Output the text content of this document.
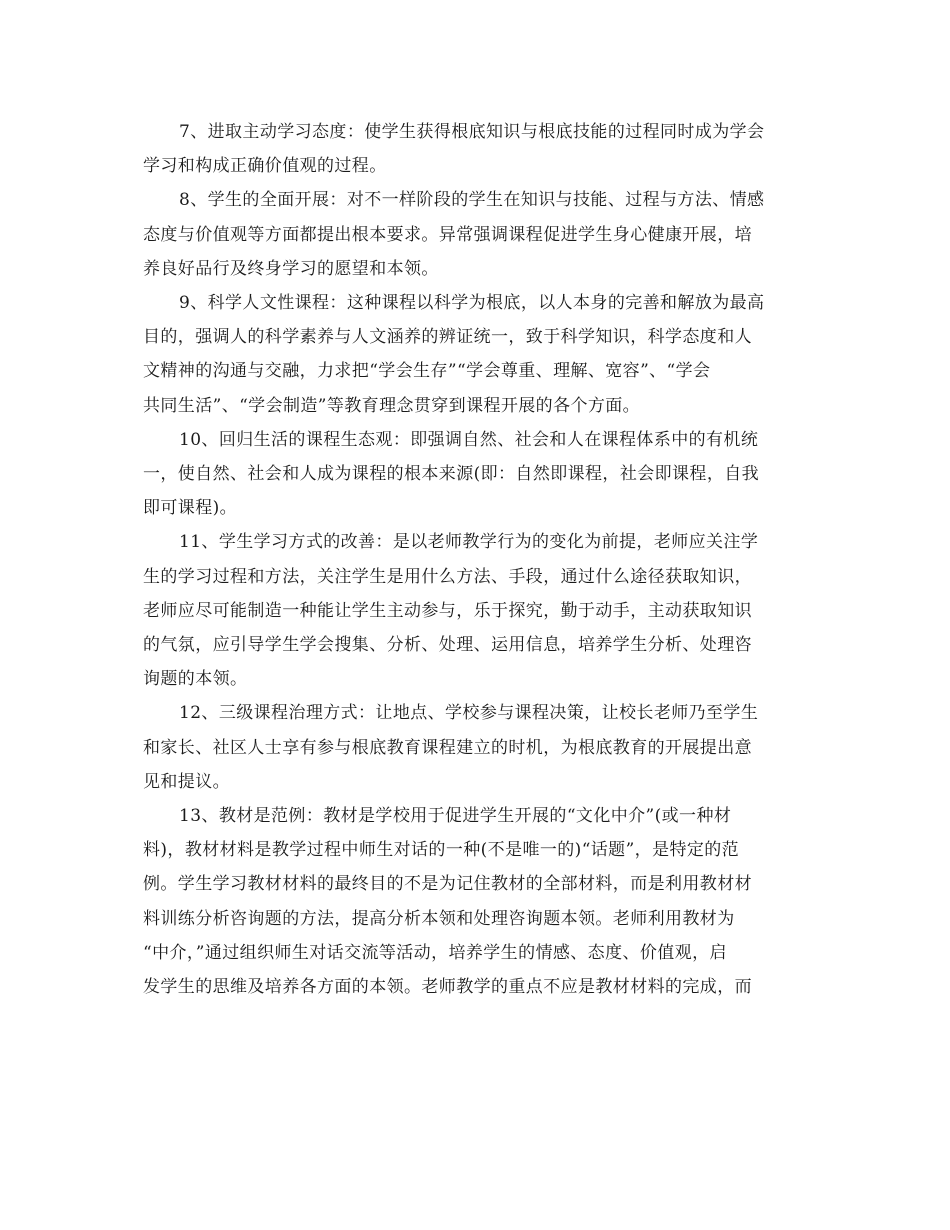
7、进取主动学习态度：使学生获得根底知识与根底技能的过程同时成为学会
学习和构成正确价值观的过程。

8、学生的全面开展：对不一样阶段的学生在知识与技能、过程与方法、情感
态度与价值观等方面都提出根本要求。异常强调课程促进学生身心健康开展，培
养良好品行及终身学习的愿望和本领。

9、科学人文性课程：这种课程以科学为根底，以人本身的完善和解放为最高
目的，强调人的科学素养与人文涵养的辨证统一，致于科学知识，科学态度和人
文精神的沟通与交融，力求把“学会生存”“学会尊重、理解、宽容”、“学会
共同生活”、“学会制造”等教育理念贯穿到课程开展的各个方面。

10、回归生活的课程生态观：即强调自然、社会和人在课程体系中的有机统
一，使自然、社会和人成为课程的根本来源(即：自然即课程，社会即课程，自我
即可课程)。

11、学生学习方式的改善：是以老师教学行为的变化为前提，老师应关注学
生的学习过程和方法，关注学生是用什么方法、手段，通过什么途径获取知识，
老师应尽可能制造一种能让学生主动参与，乐于探究，勤于动手，主动获取知识
的气氛，应引导学生学会搜集、分析、处理、运用信息，培养学生分析、处理咨
询题的本领。

12、三级课程治理方式：让地点、学校参与课程决策，让校长老师乃至学生
和家长、社区人士享有参与根底教育课程建立的时机，为根底教育的开展提出意
见和提议。

13、教材是范例：教材是学校用于促进学生开展的“文化中介”(或一种材
料)，教材材料是教学过程中师生对话的一种(不是唯一的)“话题”，是特定的范
例。学生学习教材材料的最终目的不是为记住教材的全部材料，而是利用教材材
料训练分析咨询题的方法，提高分析本领和处理咨询题本领。老师利用教材为
“中介，”通过组织师生对话交流等活动，培养学生的情感、态度、价值观，启
发学生的思维及培养各方面的本领。老师教学的重点不应是教材材料的完成，而
